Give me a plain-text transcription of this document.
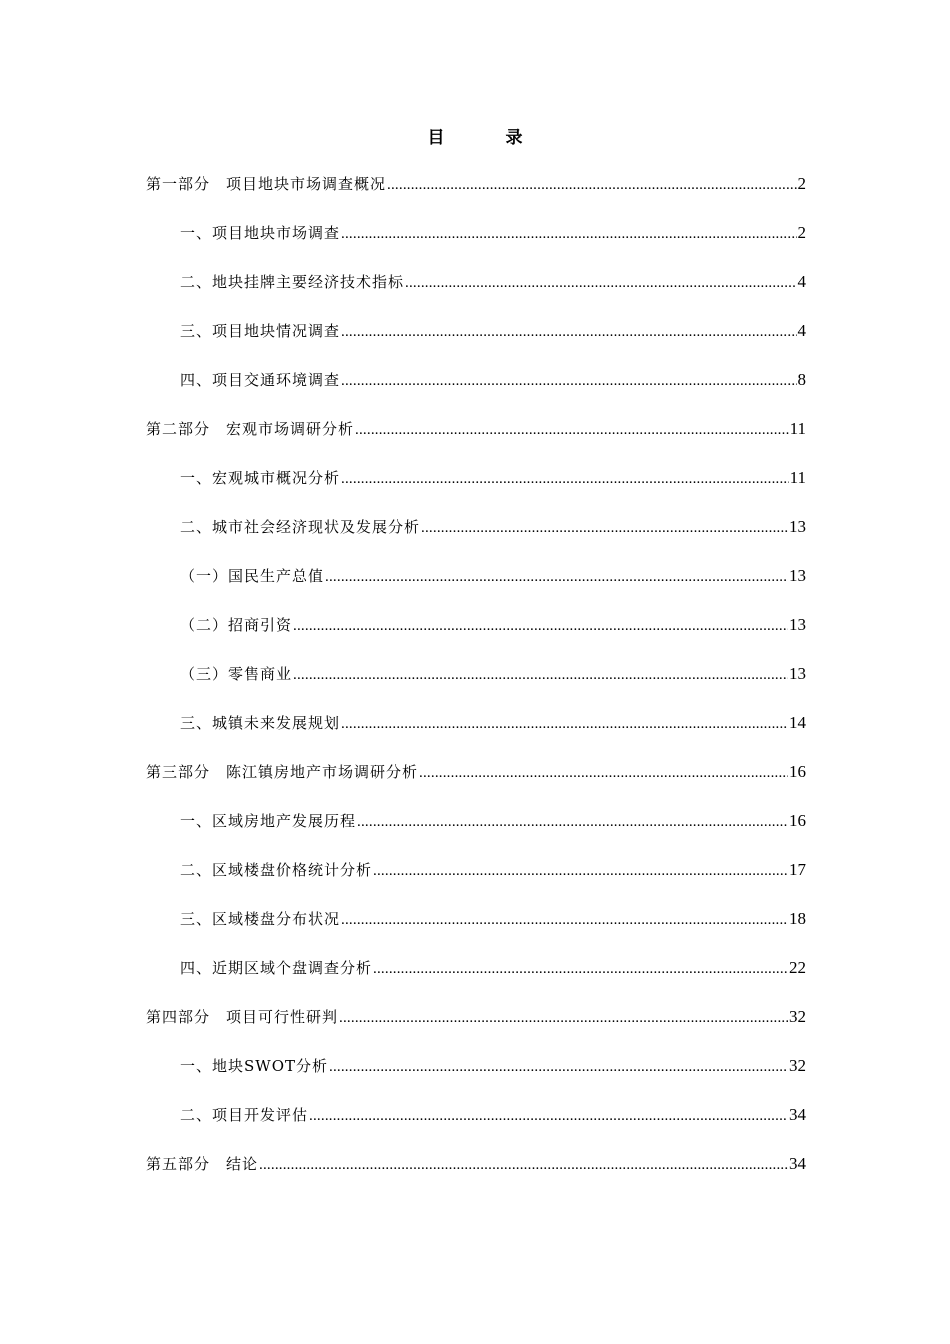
目　录
第一部分　项目地块市场调查概况 .....	2
一、项目地块市场调查 .....	2
二、地块挂牌主要经济技术指标 .....	4
三、项目地块情况调查 .....	4
四、项目交通环境调查 .....	8
第二部分　宏观市场调研分析 .....	11
一、宏观城市概况分析 .....	11
二、城市社会经济现状及发展分析 .....	13
（一）国民生产总值 .....	13
（二）招商引资 .....	13
（三）零售商业 .....	13
三、城镇未来发展规划 .....	14
第三部分　陈江镇房地产市场调研分析 .....	16
一、区域房地产发展历程 .....	16
二、区域楼盘价格统计分析 .....	17
三、区域楼盘分布状况 .....	18
四、近期区域个盘调查分析 .....	22
第四部分　项目可行性研判 .....	32
一、地块SWOT分析 .....	32
二、项目开发评估 .....	34
第五部分　结论 .....	34
